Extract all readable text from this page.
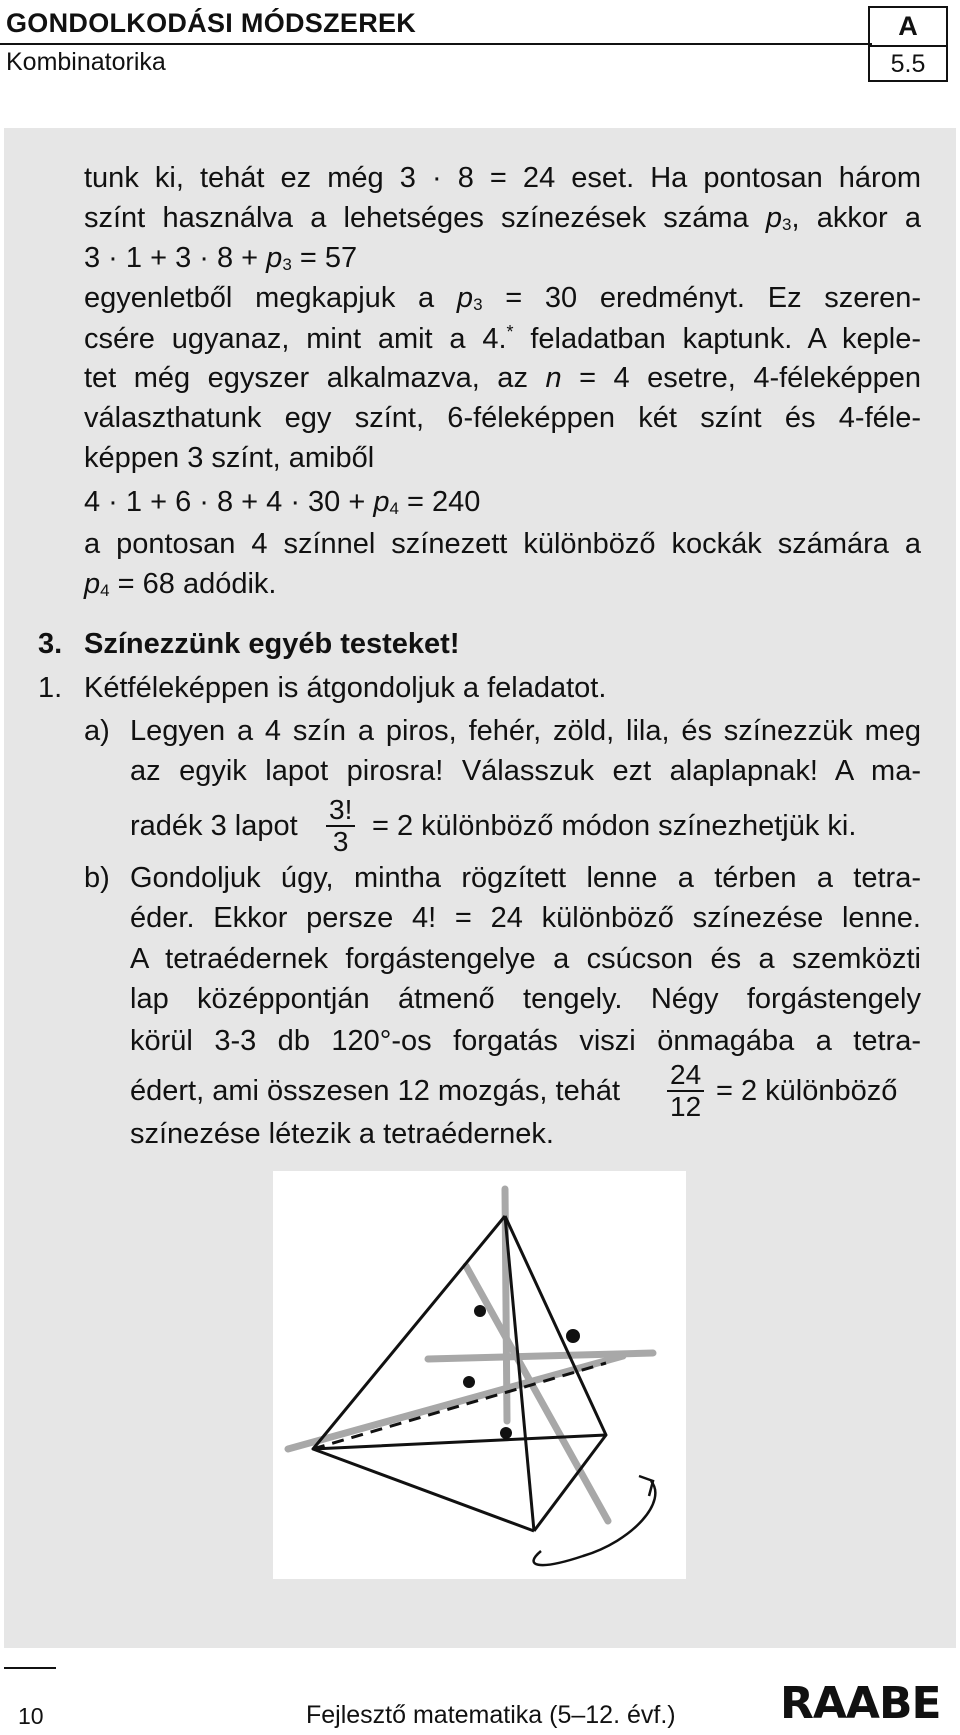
GONDOLKODÁSI MÓDSZEREK
Kombinatorika
A
5.5
tunk ki, tehát ez még 3 · 8 = 24 eset. Ha pontosan három
színt használva a lehetséges színezések száma p3, akkor a
3 · 1 + 3 · 8 + p3 = 57
egyenletből megkapjuk a p3 = 30 eredményt. Ez szeren-
csére ugyanaz, mint amit a 4.* feladatban kaptunk. A keple-
tet még egyszer alkalmazva, az n = 4 esetre, 4-féleképpen
választhatunk egy színt, 6-féleképpen két színt és 4-féle-
képpen 3 színt, amiből
4 · 1 + 6 · 8 + 4 · 30 + p4 = 240
a pontosan 4 színnel színezett különböző kockák számára a
p4 = 68 adódik.
3. Színezzünk egyéb testeket!
1. Kétféleképpen is átgondoljuk a feladatot.
a) Legyen a 4 szín a piros, fehér, zöld, lila, és színezzük meg
az egyik lapot pirosra! Válasszuk ezt alaplapnak! A ma-
radék 3 lapot $\frac{3!}{3} = 2$ különböző módon színezhetjük ki.
b) Gondoljuk úgy, mintha rögzített lenne a térben a tetra-
éder. Ekkor persze 4! = 24 különböző színezése lenne.
A tetraédernek forgástengelye a csúcson és a szemközti
lap középpontján átmenő tengely. Négy forgástengely
körül 3-3 db 120°-os forgatás viszi önmagába a tetra-
édert, ami összesen 12 mozgás, tehát $\frac{24}{12} = 2$ különböző
színezése létezik a tetraédernek.
10	Fejlesztő matematika (5–12. évf.) RAABE
